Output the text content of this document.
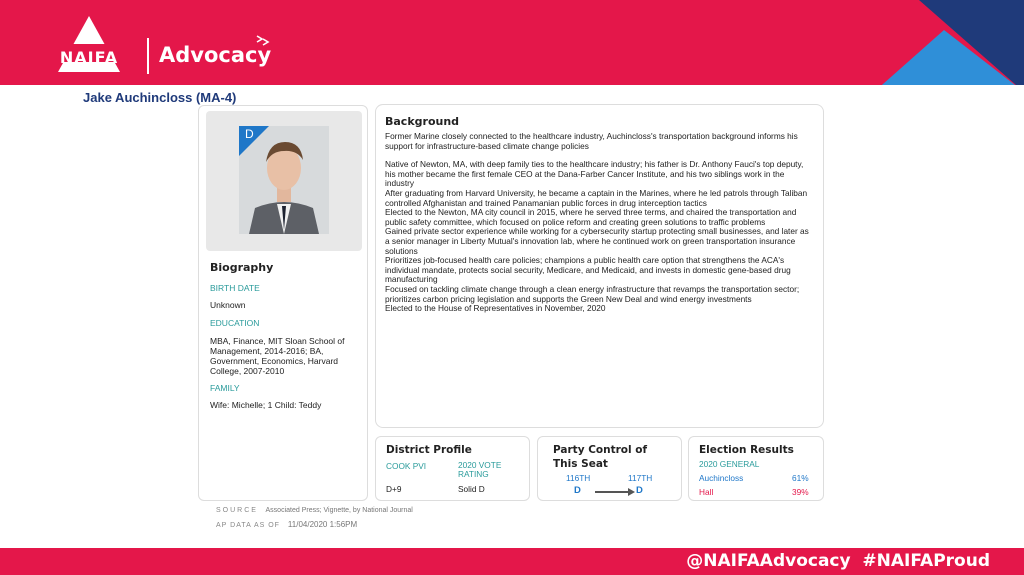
NAIFA	Advocacy
Jake Auchincloss (MA-4)
D
Biography
BIRTH DATE
Unknown
EDUCATION
MBA, Finance, MIT Sloan School of Management, 2014-2016; BA, Government, Economics, Harvard College, 2007-2010
FAMILY
Wife: Michelle; 1 Child: Teddy
Background

Former Marine closely connected to the healthcare industry, Auchincloss's transportation background informs his support for infrastructure-based climate change policies

Native of Newton, MA, with deep family ties to the healthcare industry; his father is Dr. Anthony Fauci's top deputy, his mother became the first female CEO at the Dana-Farber Cancer Institute, and his two siblings work in the industry

After graduating from Harvard University, he became a captain in the Marines, where he led patrols through Taliban controlled Afghanistan and trained Panamanian public forces in drug interception tactics

Elected to the Newton, MA city council in 2015, where he served three terms, and chaired the transportation and public safety committee, which focused on police reform and creating green solutions to traffic problems

Gained private sector experience while working for a cybersecurity startup protecting small businesses, and later as a senior manager in Liberty Mutual's innovation lab, where he continued work on green transportation insurance solutions

Prioritizes job-focused health care policies; champions a public health care option that strengthens the ACA's individual mandate, protects social security, Medicare, and Medicaid, and invests in domestic gene-based drug manufacturing

Focused on tackling climate change through a clean energy infrastructure that revamps the transportation sector; prioritizes carbon pricing legislation and supports the Green New Deal and wind energy investments

Elected to the House of Representatives in November, 2020

District Profile
COOK PVI	2020 VOTE RATING
D+9	Solid D
Party Control of This Seat
116TH	117TH
D	D
Election Results
2020 GENERAL
Auchincloss	61%
Hall	39%
SOURCE Associated Press; Vignette, by National Journal
AP DATA AS OF 11/04/2020 1:56PM
@NAIFAAdvocacy  #NAIFAProud
